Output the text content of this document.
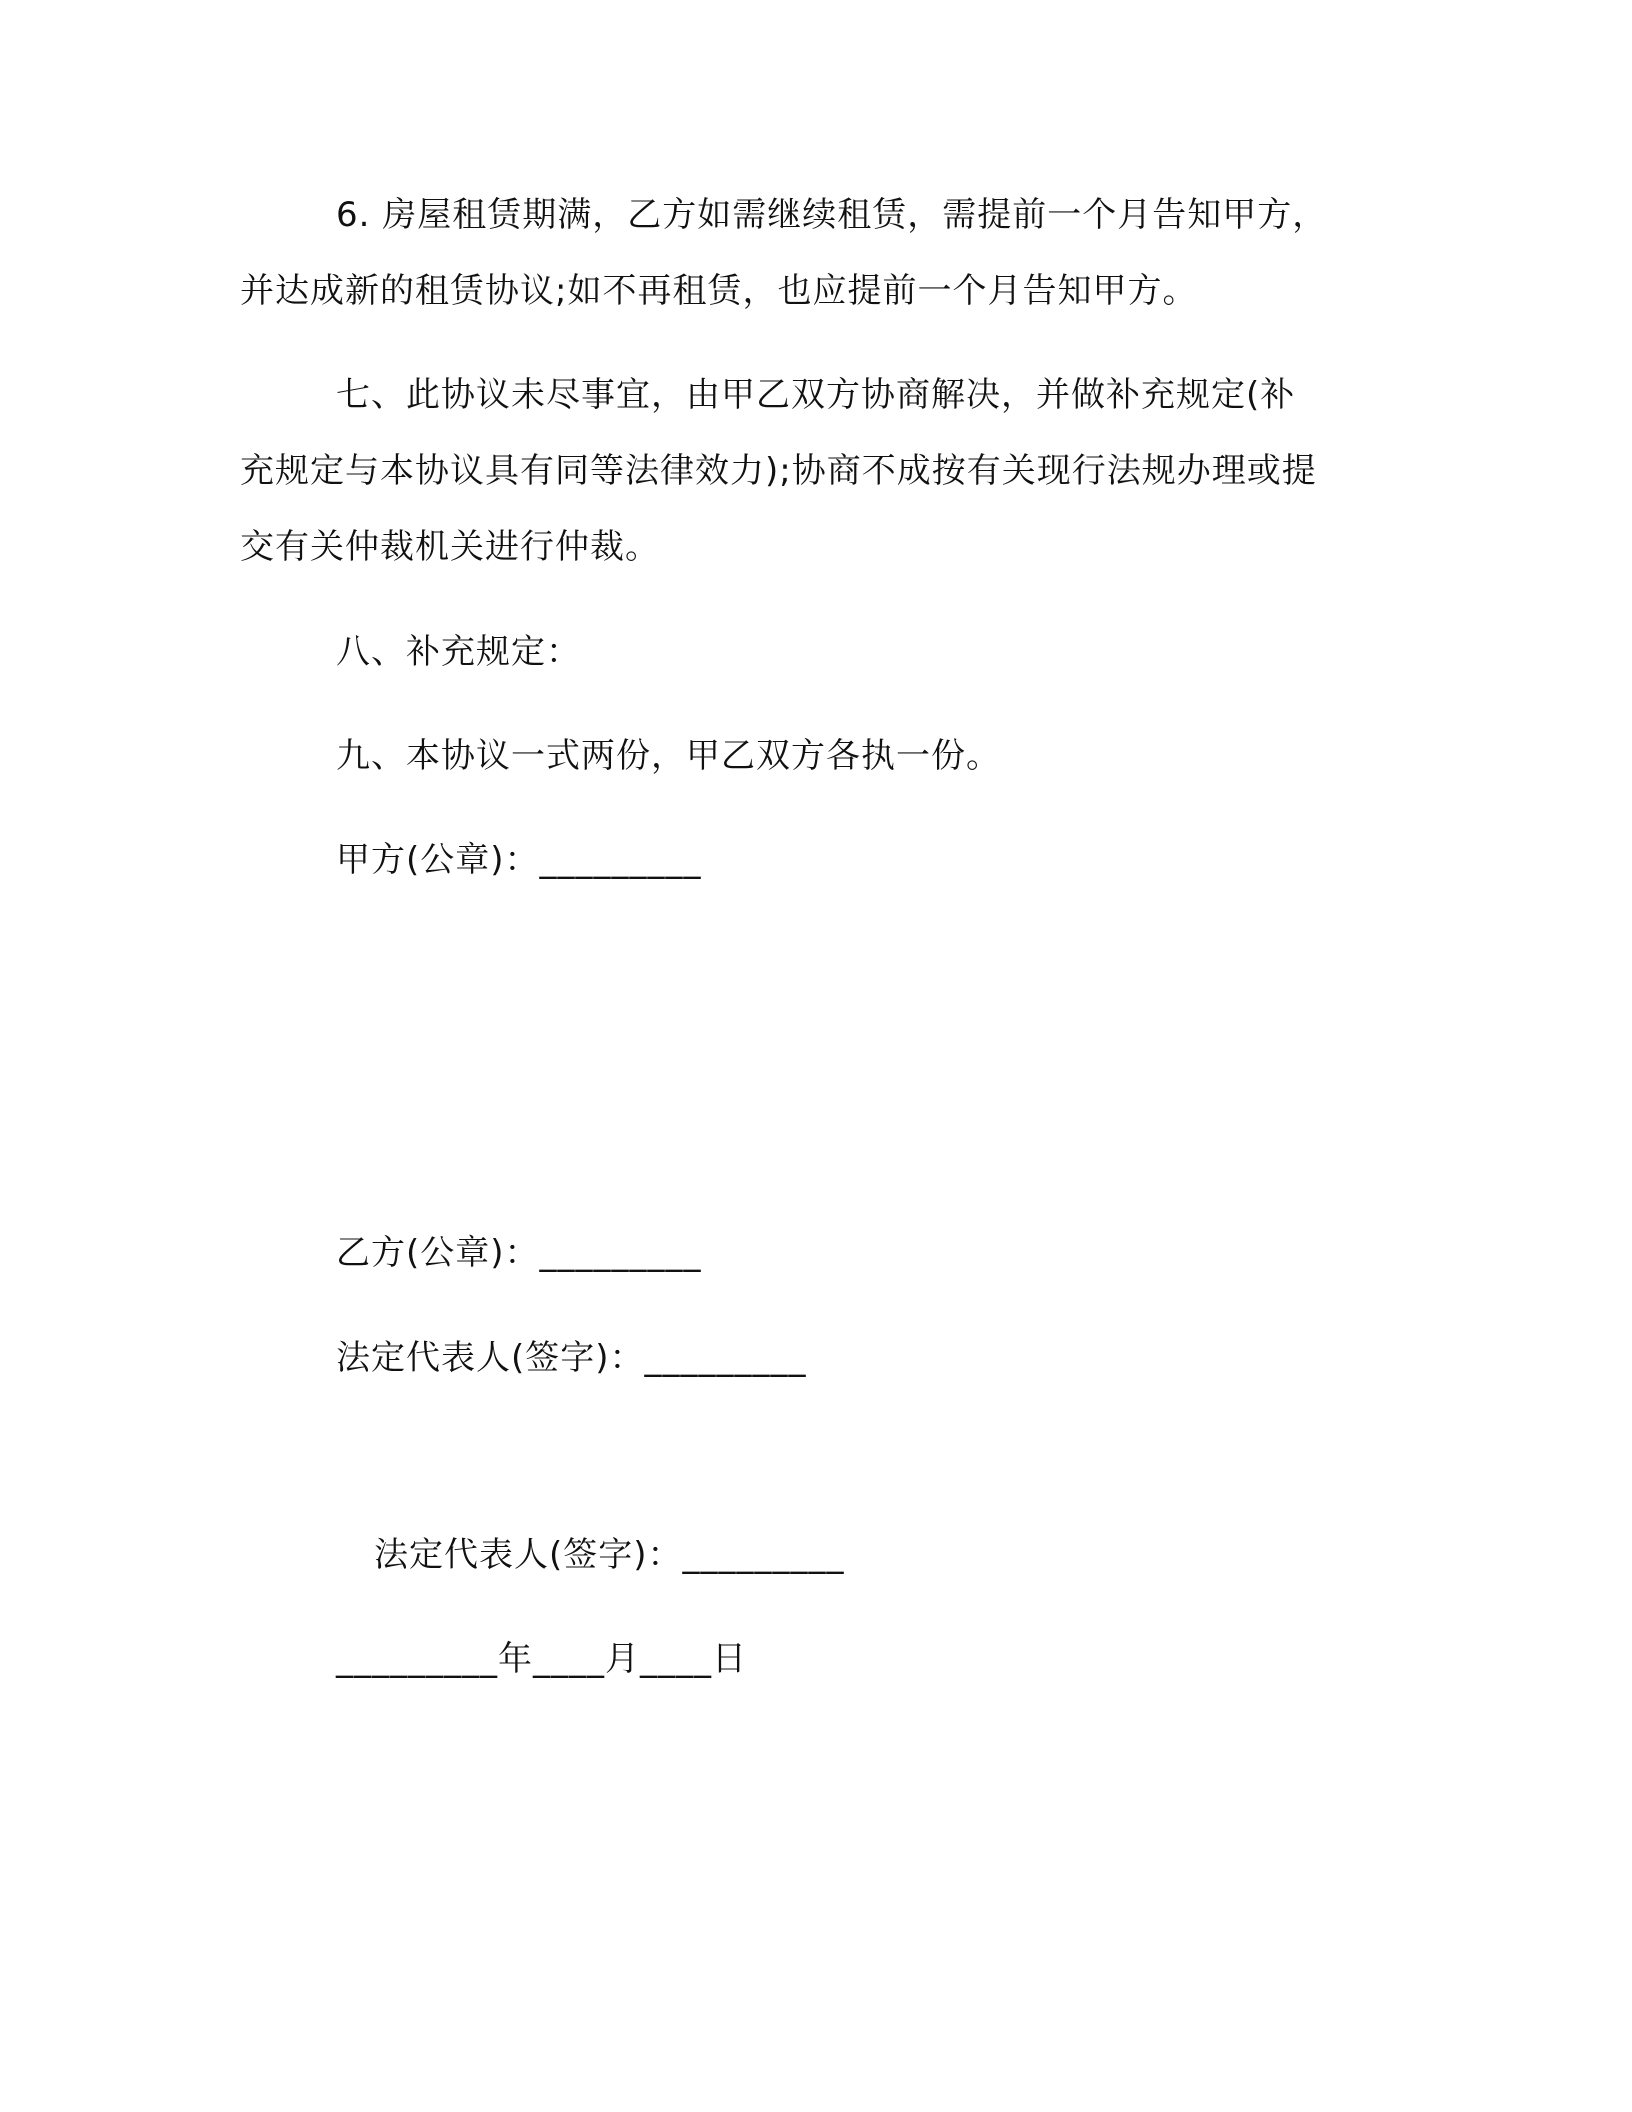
6. 房屋租赁期满，乙方如需继续租赁，需提前一个月告知甲方，
并达成新的租赁协议;如不再租赁，也应提前一个月告知甲方。

七、此协议未尽事宜，由甲乙双方协商解决，并做补充规定(补
充规定与本协议具有同等法律效力);协商不成按有关现行法规办理或提
交有关仲裁机关进行仲裁。

八、补充规定：

九、本协议一式两份，甲乙双方各执一份。

甲方(公章)：_________

乙方(公章)：_________

法定代表人(签字)：_________

法定代表人(签字)：_________

_________年____月____日
